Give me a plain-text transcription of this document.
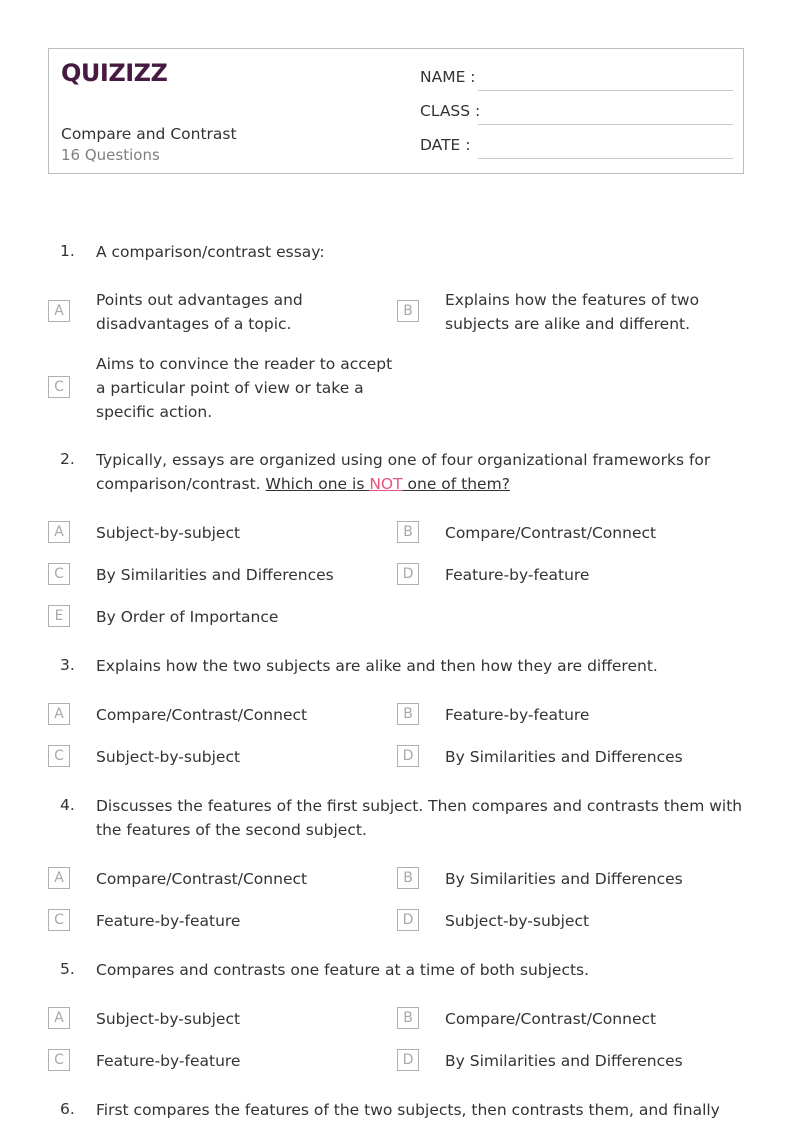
QUIZIZZ
Compare and Contrast
16 Questions
NAME :
CLASS :
DATE :
1. A comparison/contrast essay:
A
Points out advantages and disadvantages of a topic.
B
Explains how the features of two subjects are alike and different.
C
Aims to convince the reader to accept a particular point of view or take a specific action.
2. Typically, essays are organized using one of four organizational frameworks for comparison/contrast. Which one is NOT one of them?
A	Subject-by-subject	B	Compare/Contrast/Connect
C	By Similarities and Differences	D	Feature-by-feature
E	By Order of Importance
3. Explains how the two subjects are alike and then how they are different.
A	Compare/Contrast/Connect	B	Feature-by-feature
C	Subject-by-subject	D	By Similarities and Differences
4. Discusses the features of the first subject. Then compares and contrasts them with the features of the second subject.
A	Compare/Contrast/Connect	B	By Similarities and Differences
C	Feature-by-feature	D	Subject-by-subject
5. Compares and contrasts one feature at a time of both subjects.
A	Subject-by-subject	B	Compare/Contrast/Connect
C	Feature-by-feature	D	By Similarities and Differences
6. First compares the features of the two subjects, then contrasts them, and finally
